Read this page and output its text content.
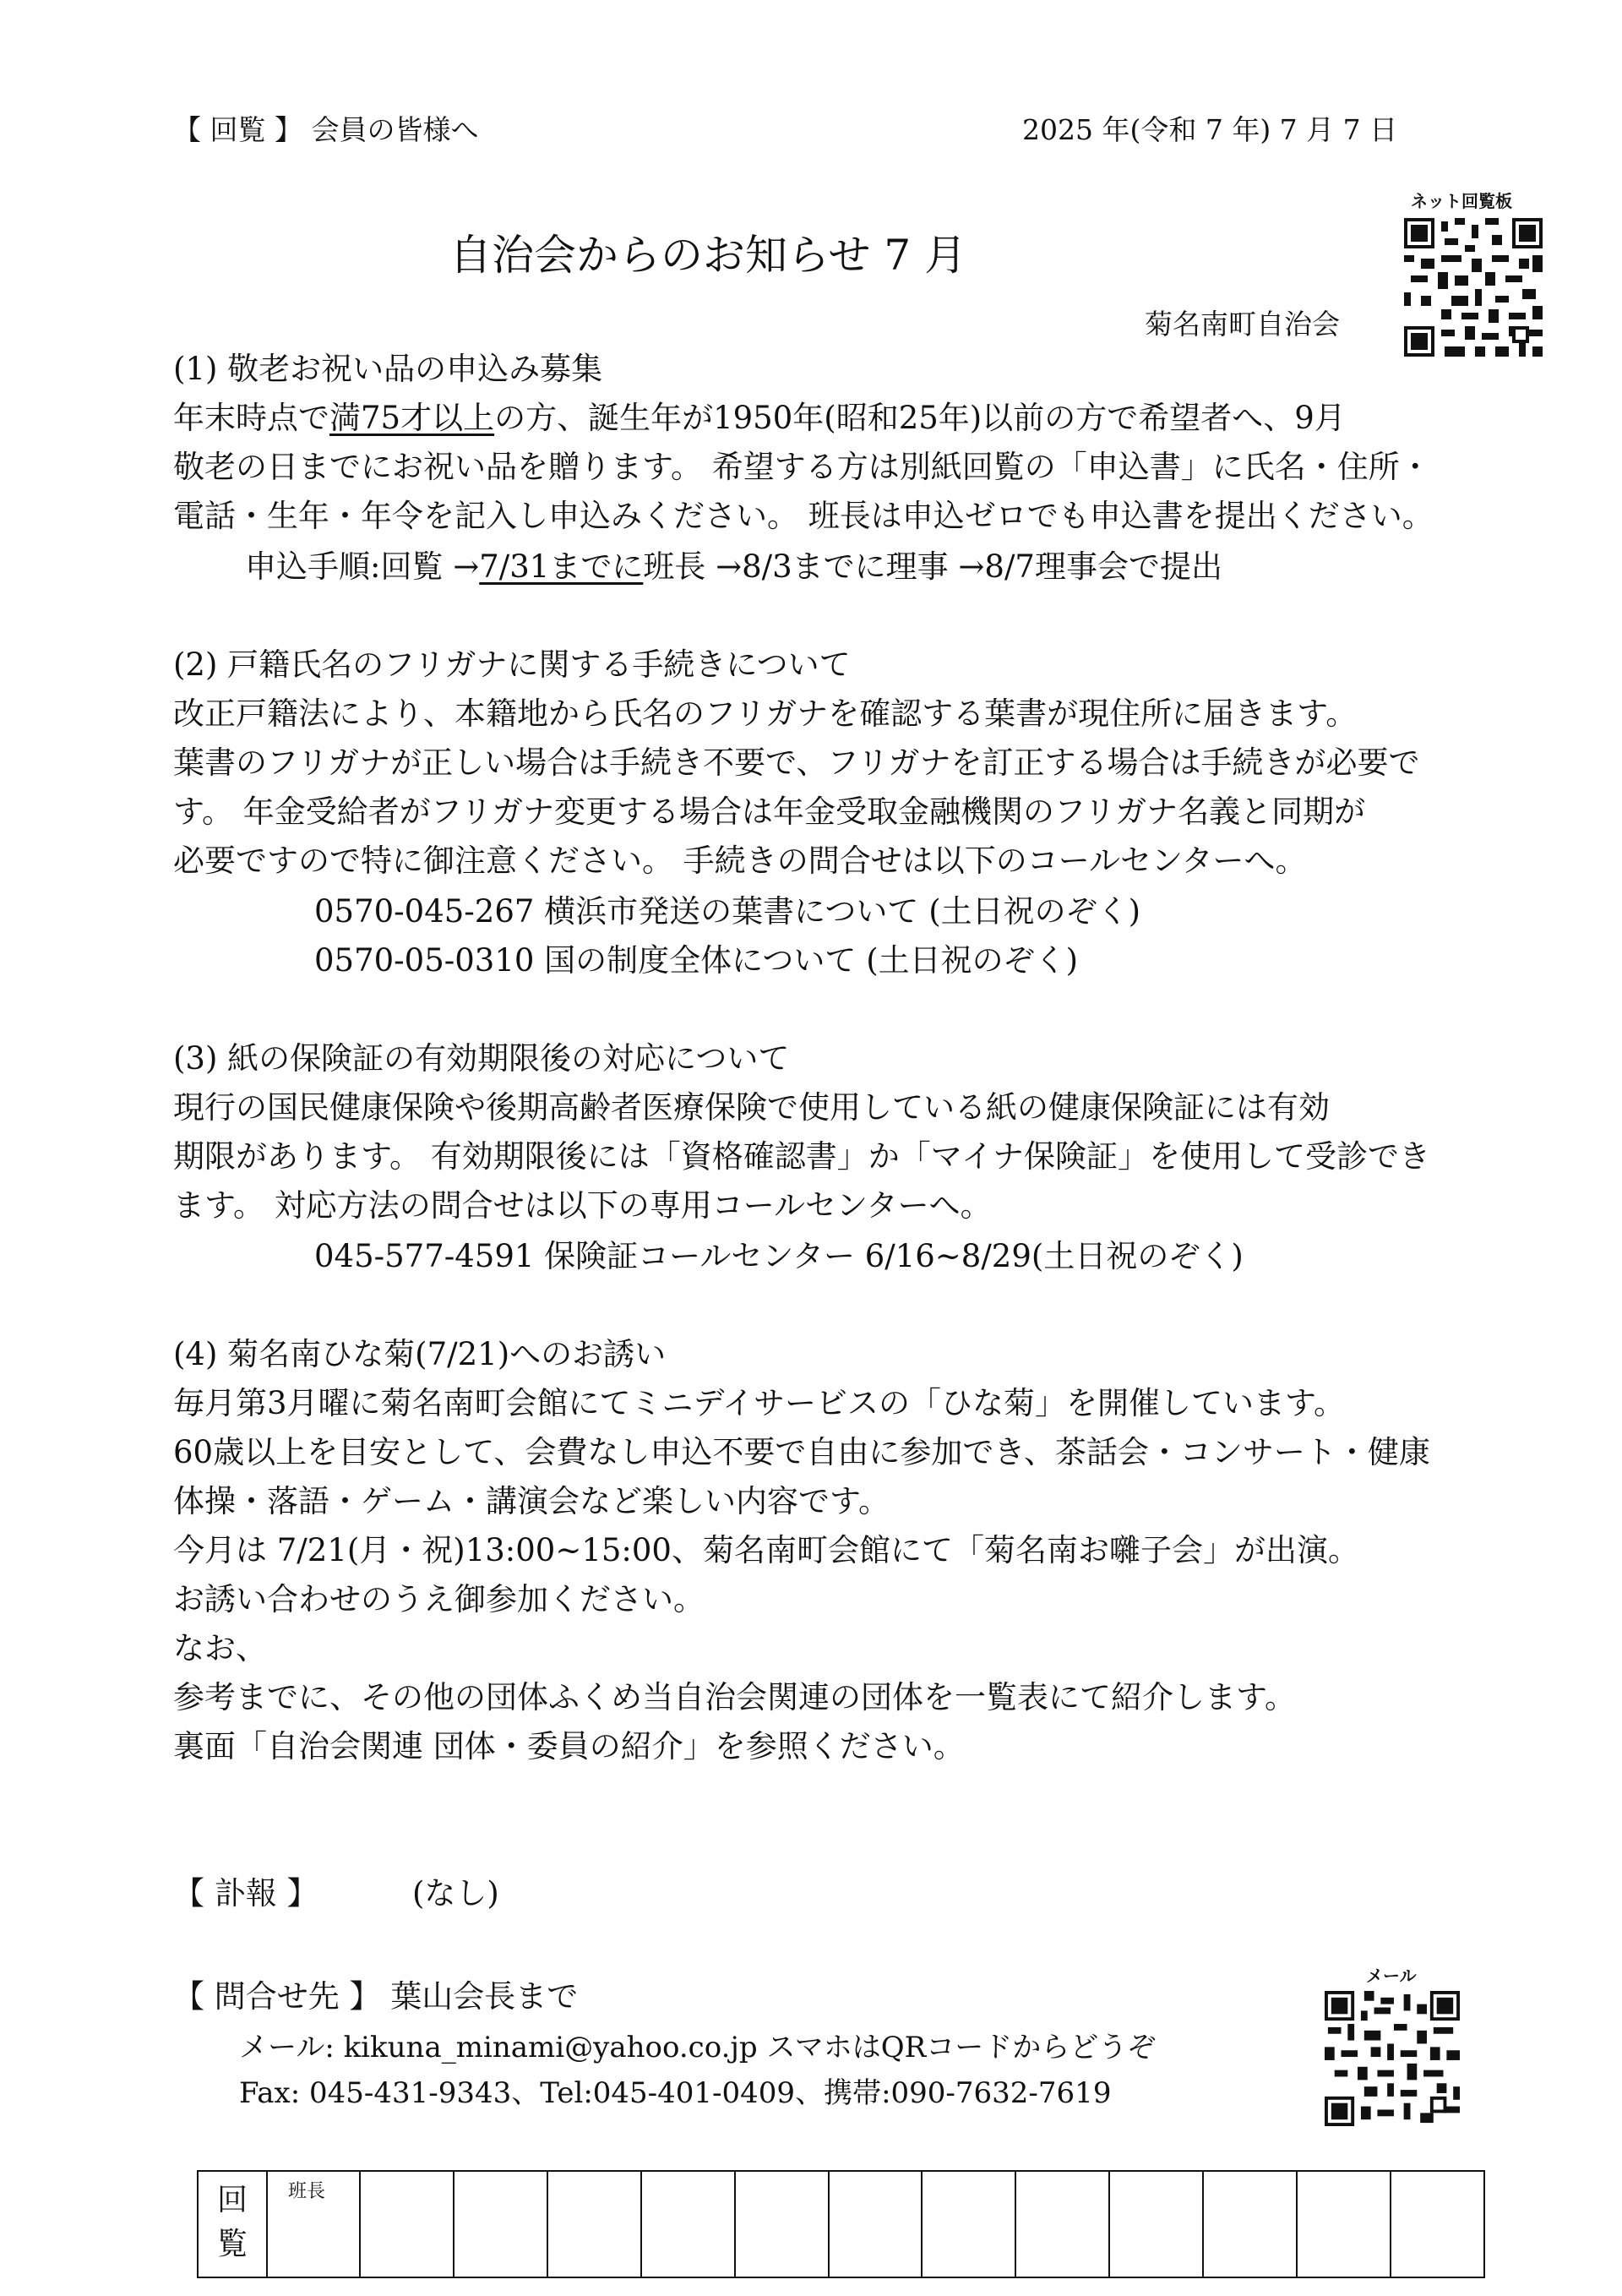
【 回覧 】 会員の皆様へ	2025 年(令和 7 年) 7 月 7 日
ネット回覧板
自治会からのお知らせ 7 月
菊名南町自治会
(1) 敬老お祝い品の申込み募集
年末時点で満75才以上の方、誕生年が1950年(昭和25年)以前の方で希望者へ、9月
敬老の日までにお祝い品を贈ります。 希望する方は別紙回覧の「申込書」に氏名・住所・
電話・生年・年令を記入し申込みください。 班長は申込ゼロでも申込書を提出ください。
申込手順:回覧 →7/31までに班長 →8/3までに理事 →8/7理事会で提出
(2) 戸籍氏名のフリガナに関する手続きについて
改正戸籍法により、本籍地から氏名のフリガナを確認する葉書が現住所に届きます。
葉書のフリガナが正しい場合は手続き不要で、フリガナを訂正する場合は手続きが必要で
す。 年金受給者がフリガナ変更する場合は年金受取金融機関のフリガナ名義と同期が
必要ですので特に御注意ください。 手続きの問合せは以下のコールセンターへ。
0570-045-267 横浜市発送の葉書について (土日祝のぞく)
0570-05-0310 国の制度全体について (土日祝のぞく)
(3) 紙の保険証の有効期限後の対応について
現行の国民健康保険や後期高齢者医療保険で使用している紙の健康保険証には有効
期限があります。 有効期限後には「資格確認書」か「マイナ保険証」を使用して受診でき
ます。 対応方法の問合せは以下の専用コールセンターへ。
045-577-4591 保険証コールセンター 6/16~8/29(土日祝のぞく)
(4) 菊名南ひな菊(7/21)へのお誘い
毎月第3月曜に菊名南町会館にてミニデイサービスの「ひな菊」を開催しています。
60歳以上を目安として、会費なし申込不要で自由に参加でき、茶話会・コンサート・健康
体操・落語・ゲーム・講演会など楽しい内容です。
今月は 7/21(月・祝)13:00~15:00、菊名南町会館にて「菊名南お囃子会」が出演。
お誘い合わせのうえ御参加ください。
なお、
参考までに、その他の団体ふくめ当自治会関連の団体を一覧表にて紹介します。
裏面「自治会関連 団体・委員の紹介」を参照ください。
【 訃報 】	(なし)
【 問合せ先 】 葉山会長まで
メール: kikuna_minami@yahoo.co.jp スマホはQRコードからどうぞ
Fax: 045-431-9343、Tel:045-401-0409、携帯:090-7632-7619
メール
回
覧
	班長												
